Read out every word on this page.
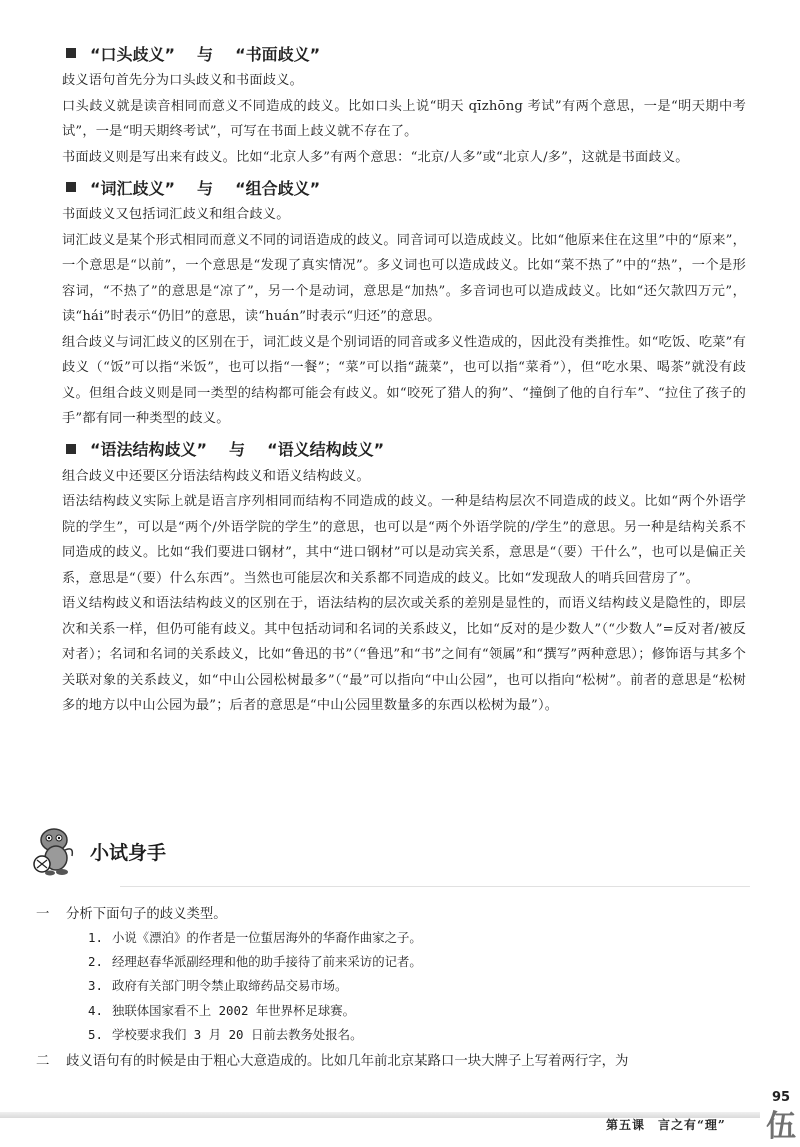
“口头歧义” 与 “书面歧义”

歧义语句首先分为口头歧义和书面歧义。

口头歧义就是读音相同而意义不同造成的歧义。比如口头上说“明天 qīzhōng 考试”有两个意思，一是“明天期中考试”，一是“明天期终考试”，可写在书面上歧义就不存在了。

书面歧义则是写出来有歧义。比如“北京人多”有两个意思：“北京/人多”或“北京人/多”，这就是书面歧义。

“词汇歧义” 与 “组合歧义”

书面歧义又包括词汇歧义和组合歧义。

词汇歧义是某个形式相同而意义不同的词语造成的歧义。同音词可以造成歧义。比如“他原来住在这里”中的“原来”，一个意思是“以前”，一个意思是“发现了真实情况”。多义词也可以造成歧义。比如“菜不热了”中的“热”，一个是形容词，“不热了”的意思是“凉了”，另一个是动词，意思是“加热”。多音词也可以造成歧义。比如“还欠款四万元”，读“hái”时表示“仍旧”的意思，读“huán”时表示“归还”的意思。

组合歧义与词汇歧义的区别在于，词汇歧义是个别词语的同音或多义性造成的，因此没有类推性。如“吃饭、吃菜”有歧义（“饭”可以指“米饭”，也可以指“一餐”；“菜”可以指“蔬菜”，也可以指“菜肴”），但“吃水果、喝茶”就没有歧义。但组合歧义则是同一类型的结构都可能会有歧义。如“咬死了猎人的狗”、“撞倒了他的自行车”、“拉住了孩子的手”都有同一种类型的歧义。

“语法结构歧义” 与 “语义结构歧义”

组合歧义中还要区分语法结构歧义和语义结构歧义。

语法结构歧义实际上就是语言序列相同而结构不同造成的歧义。一种是结构层次不同造成的歧义。比如“两个外语学院的学生”，可以是“两个/外语学院的学生”的意思，也可以是“两个外语学院的/学生”的意思。另一种是结构关系不同造成的歧义。比如“我们要进口钢材”，其中“进口钢材”可以是动宾关系，意思是“（要）干什么”，也可以是偏正关系，意思是“（要）什么东西”。当然也可能层次和关系都不同造成的歧义。比如“发现敌人的哨兵回营房了”。

语义结构歧义和语法结构歧义的区别在于，语法结构的层次或关系的差别是显性的，而语义结构歧义是隐性的，即层次和关系一样，但仍可能有歧义。其中包括动词和名词的关系歧义，比如“反对的是少数人”（“少数人”=反对者/被反对者）；名词和名词的关系歧义，比如“鲁迅的书”（“鲁迅”和“书”之间有“领属”和“撰写”两种意思）；修饰语与其多个关联对象的关系歧义，如“中山公园松树最多”（“最”可以指向“中山公园”，也可以指向“松树”。前者的意思是“松树多的地方以中山公园为最”；后者的意思是“中山公园里数量多的东西以松树为最”）。

小试身手
一	分析下面句子的歧义类型。
1. 小说《漂泊》的作者是一位蜇居海外的华裔作曲家之子。
2. 经理赵春华派副经理和他的助手接待了前来采访的记者。
3. 政府有关部门明令禁止取缔药品交易市场。
4. 独联体国家看不上 2002 年世界杯足球赛。
5. 学校要求我们 3 月 20 日前去教务处报名。
二	歧义语句有的时候是由于粗心大意造成的。比如几年前北京某路口一块大牌子上写着两行字，为
95
第五课　言之有“理” 伍
